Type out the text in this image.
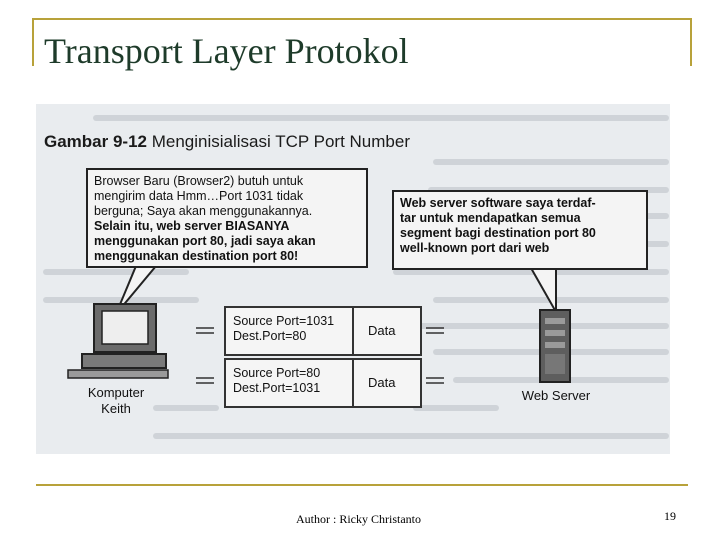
Transport Layer Protokol
Gambar 9-12 Menginisialisasi TCP Port Number
Browser Baru (Browser2) butuh untuk
mengirim data Hmm…Port 1031 tidak
berguna; Saya akan menggunakannya.
Selain itu, web server BIASANYA
menggunakan port 80, jadi saya akan
menggunakan destination port 80!
Web server software saya terdaf-
tar untuk mendapatkan semua
segment bagi destination port 80
well-known port dari web
Source Port=1031
Dest.Port=80	Data
Source Port=80
Dest.Port=1031	Data
Komputer
Keith
Web Server
Author : Ricky Christanto	19
